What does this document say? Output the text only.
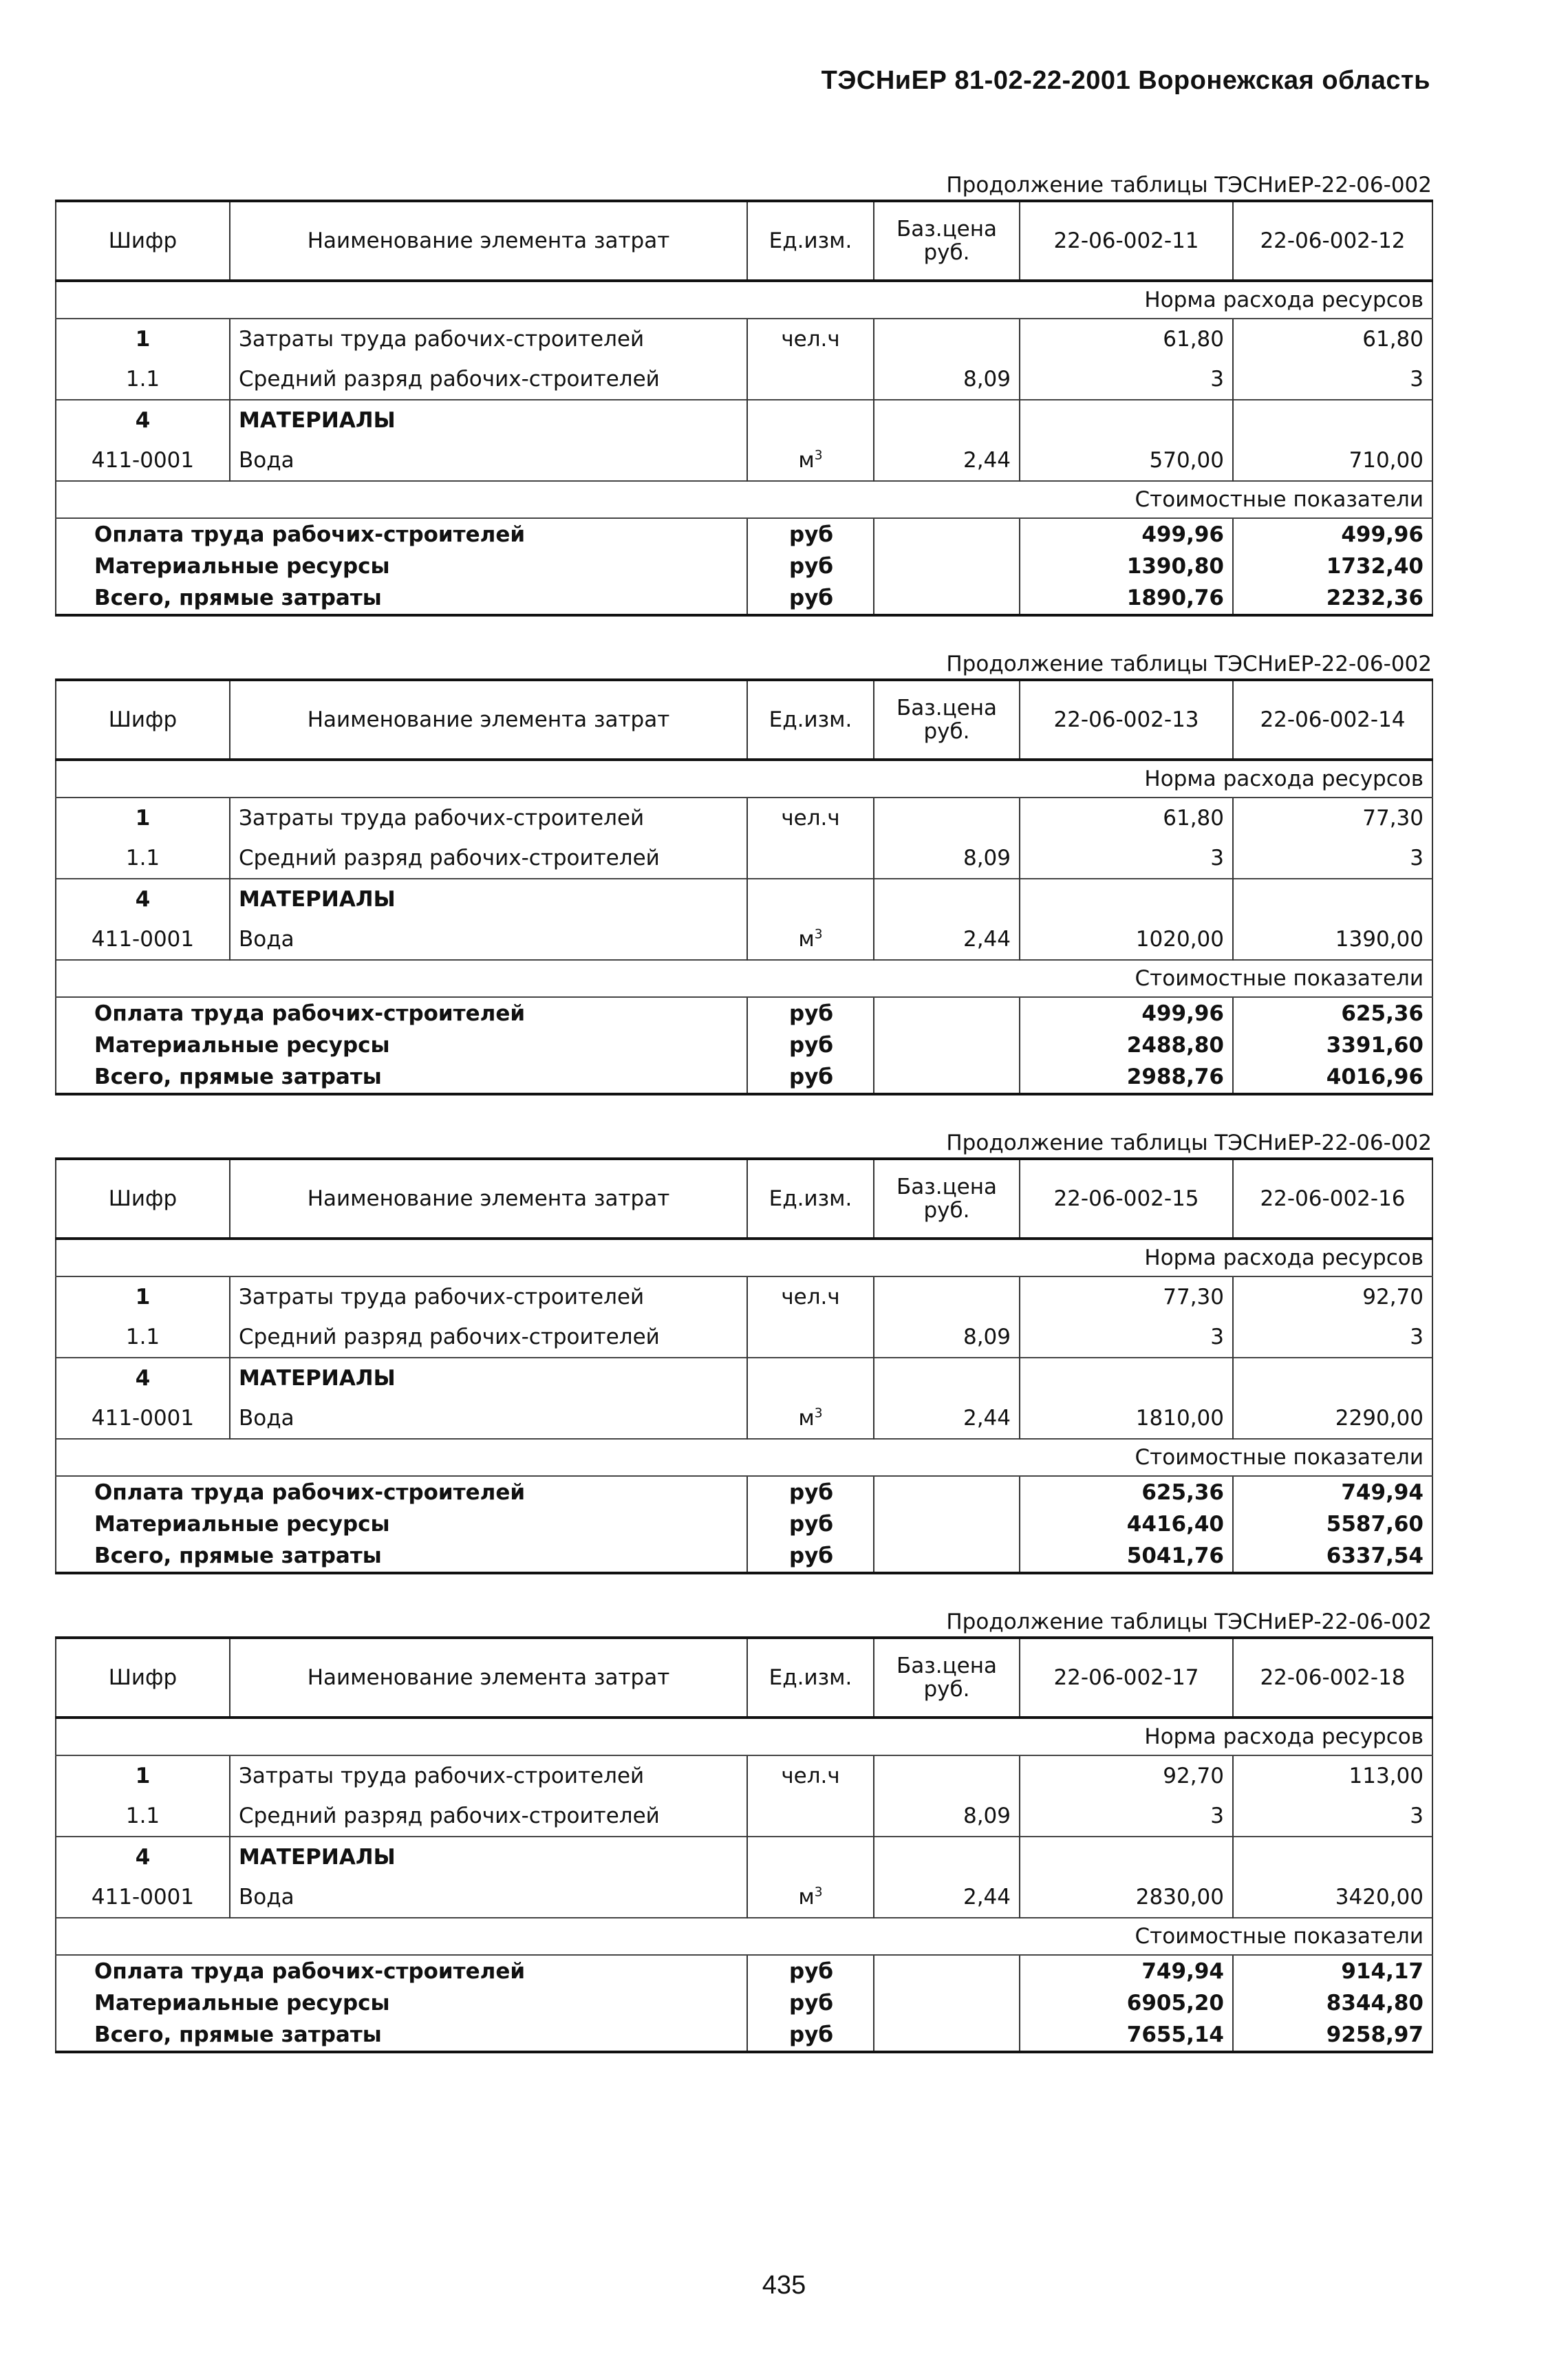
ТЭСНиЕР 81-02-22-2001 Воронежская область
Продолжение таблицы ТЭСНиЕР-22-06-002
Шифр	Наименование элемента затрат	Ед.изм.	Баз.цена руб.	22-06-002-11	22-06-002-12
Норма расхода ресурсов					
1	Затраты труда рабочих-строителей	чел.ч		61,80	61,80
1.1	Средний разряд рабочих-строителей		8,09	3	3
4	МАТЕРИАЛЫ				
411-0001	Вода	$м^3$	2,44	570,00	710,00
Стоимостные показатели					
Оплата труда рабочих-строителей		руб		499,96	499,96
Материальные ресурсы		руб		1390,80	1732,40
Всего, прямые затраты		руб		1890,76	2232,36
Продолжение таблицы ТЭСНиЕР-22-06-002
Шифр	Наименование элемента затрат	Ед.изм.	Баз.цена руб.	22-06-002-13	22-06-002-14
Норма расхода ресурсов					
1	Затраты труда рабочих-строителей	чел.ч		61,80	77,30
1.1	Средний разряд рабочих-строителей		8,09	3	3
4	МАТЕРИАЛЫ				
411-0001	Вода	$м^3$	2,44	1020,00	1390,00
Стоимостные показатели					
Оплата труда рабочих-строителей		руб		499,96	625,36
Материальные ресурсы		руб		2488,80	3391,60
Всего, прямые затраты		руб		2988,76	4016,96
Продолжение таблицы ТЭСНиЕР-22-06-002
Шифр	Наименование элемента затрат	Ед.изм.	Баз.цена руб.	22-06-002-15	22-06-002-16
Норма расхода ресурсов					
1	Затраты труда рабочих-строителей	чел.ч		77,30	92,70
1.1	Средний разряд рабочих-строителей		8,09	3	3
4	МАТЕРИАЛЫ				
411-0001	Вода	$м^3$	2,44	1810,00	2290,00
Стоимостные показатели					
Оплата труда рабочих-строителей		руб		625,36	749,94
Материальные ресурсы		руб		4416,40	5587,60
Всего, прямые затраты		руб		5041,76	6337,54
Продолжение таблицы ТЭСНиЕР-22-06-002
Шифр	Наименование элемента затрат	Ед.изм.	Баз.цена руб.	22-06-002-17	22-06-002-18
Норма расхода ресурсов					
1	Затраты труда рабочих-строителей	чел.ч		92,70	113,00
1.1	Средний разряд рабочих-строителей		8,09	3	3
4	МАТЕРИАЛЫ				
411-0001	Вода	$м^3$	2,44	2830,00	3420,00
Стоимостные показатели					
Оплата труда рабочих-строителей		руб		749,94	914,17
Материальные ресурсы		руб		6905,20	8344,80
Всего, прямые затраты		руб		7655,14	9258,97
435
